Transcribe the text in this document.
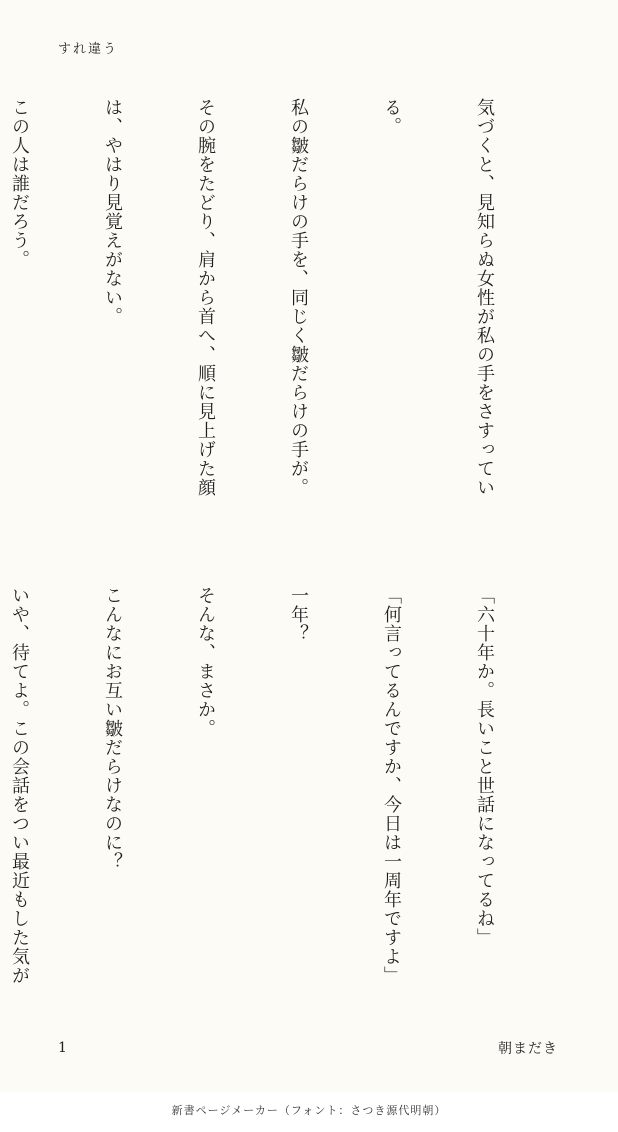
すれ違う

気づくと、見知らぬ女性が私の手をさすってい

る。

私の皺だらけの手を、同じく皺だらけの手が。

その腕をたどり、肩から首へ、順に見上げた顔

は、やはり見覚えがない。

この人は誰だろう。

「六十年か。長いこと世話になってるね」

「何言ってるんですか、今日は一周年ですよ」

一年？

そんな、まさか。

こんなにお互い皺だらけなのに？

いや、待てよ。この会話をつい最近もした気が

1	朝まだき
新書ページメーカー（フォント：さつき源代明朝）
